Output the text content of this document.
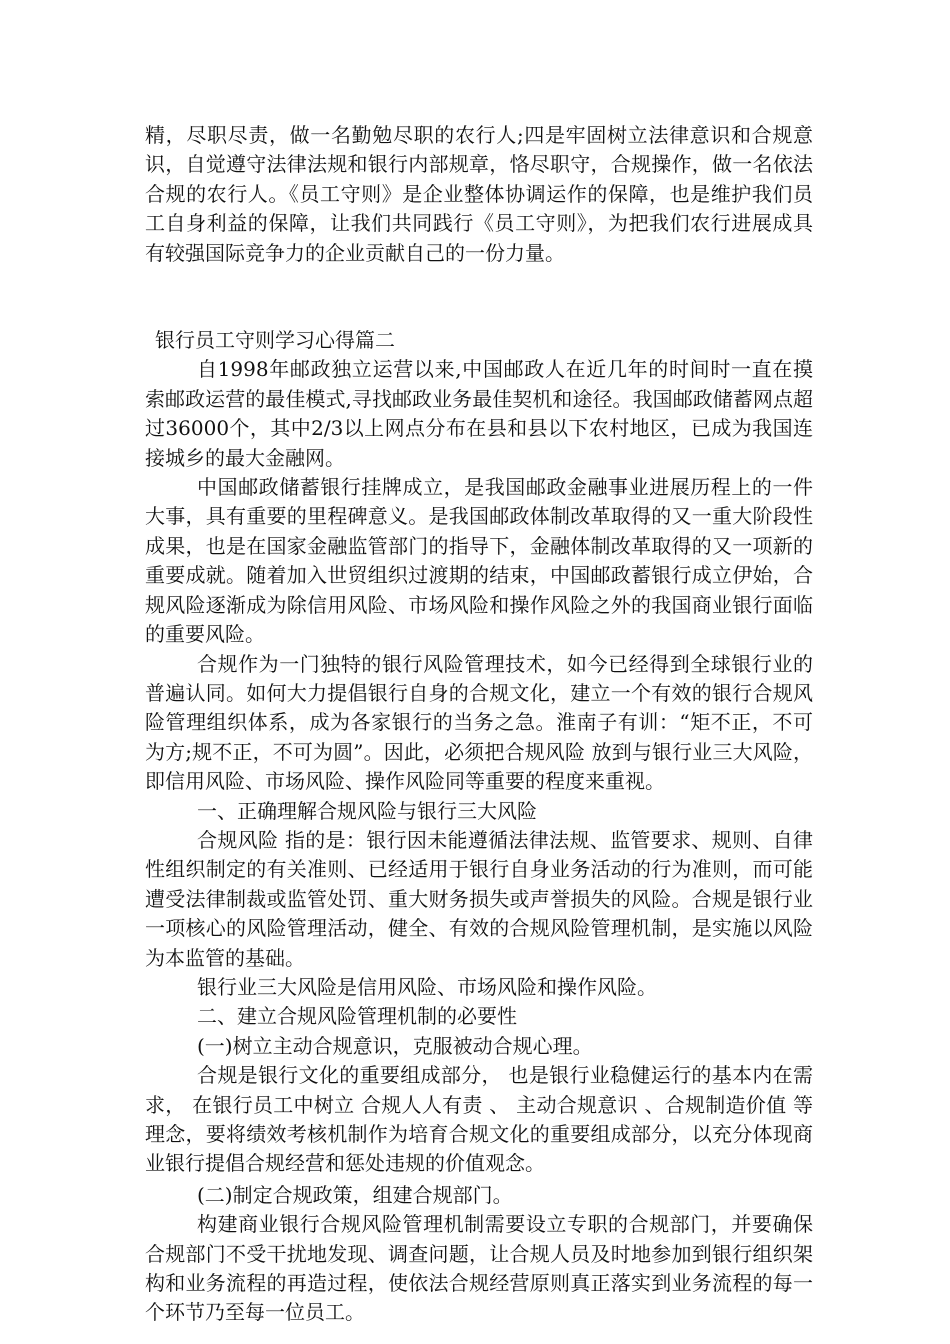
精，尽职尽责，做一名勤勉尽职的农行人;四是牢固树立法律意识和合规意识，自觉遵守法律法规和银行内部规章，恪尽职守，合规操作，做一名依法合规的农行人。《员工守则》是企业整体协调运作的保障，也是维护我们员工自身利益的保障，让我们共同践行《员工守则》，为把我们农行进展成具有较强国际竞争力的企业贡献自己的一份力量。

银行员工守则学习心得篇二

自1998年邮政独立运营以来,中国邮政人在近几年的时间时一直在摸索邮政运营的最佳模式,寻找邮政业务最佳契机和途径。我国邮政储蓄网点超过36000个，其中2/3以上网点分布在县和县以下农村地区，已成为我国连接城乡的最大金融网。

中国邮政储蓄银行挂牌成立，是我国邮政金融事业进展历程上的一件大事，具有重要的里程碑意义。是我国邮政体制改革取得的又一重大阶段性成果，也是在国家金融监管部门的指导下，金融体制改革取得的又一项新的重要成就。随着加入世贸组织过渡期的结束，中国邮政蓄银行成立伊始，合规风险逐渐成为除信用风险、市场风险和操作风险之外的我国商业银行面临的重要风险。

合规作为一门独特的银行风险管理技术，如今已经得到全球银行业的普遍认同。如何大力提倡银行自身的合规文化，建立一个有效的银行合规风险管理组织体系，成为各家银行的当务之急。淮南子有训：“矩不正，不可为方;规不正，不可为圆”。因此，必须把合规风险 放到与银行业三大风险，即信用风险、市场风险、操作风险同等重要的程度来重视。

一、正确理解合规风险与银行三大风险

合规风险 指的是：银行因未能遵循法律法规、监管要求、规则、自律性组织制定的有关准则、已经适用于银行自身业务活动的行为准则，而可能遭受法律制裁或监管处罚、重大财务损失或声誉损失的风险。合规是银行业一项核心的风险管理活动，健全、有效的合规风险管理机制，是实施以风险为本监管的基础。

银行业三大风险是信用风险、市场风险和操作风险。

二、建立合规风险管理机制的必要性

(一)树立主动合规意识，克服被动合规心理。

合规是银行文化的重要组成部分， 也是银行业稳健运行的基本内在需求， 在银行员工中树立 合规人人有责 、 主动合规意识 、合规制造价值 等理念，要将绩效考核机制作为培育合规文化的重要组成部分，以充分体现商业银行提倡合规经营和惩处违规的价值观念。

(二)制定合规政策，组建合规部门。

构建商业银行合规风险管理机制需要设立专职的合规部门，并要确保合规部门不受干扰地发现、调查问题，让合规人员及时地参加到银行组织架构和业务流程的再造过程，使依法合规经营原则真正落实到业务流程的每一个环节乃至每一位员工。
